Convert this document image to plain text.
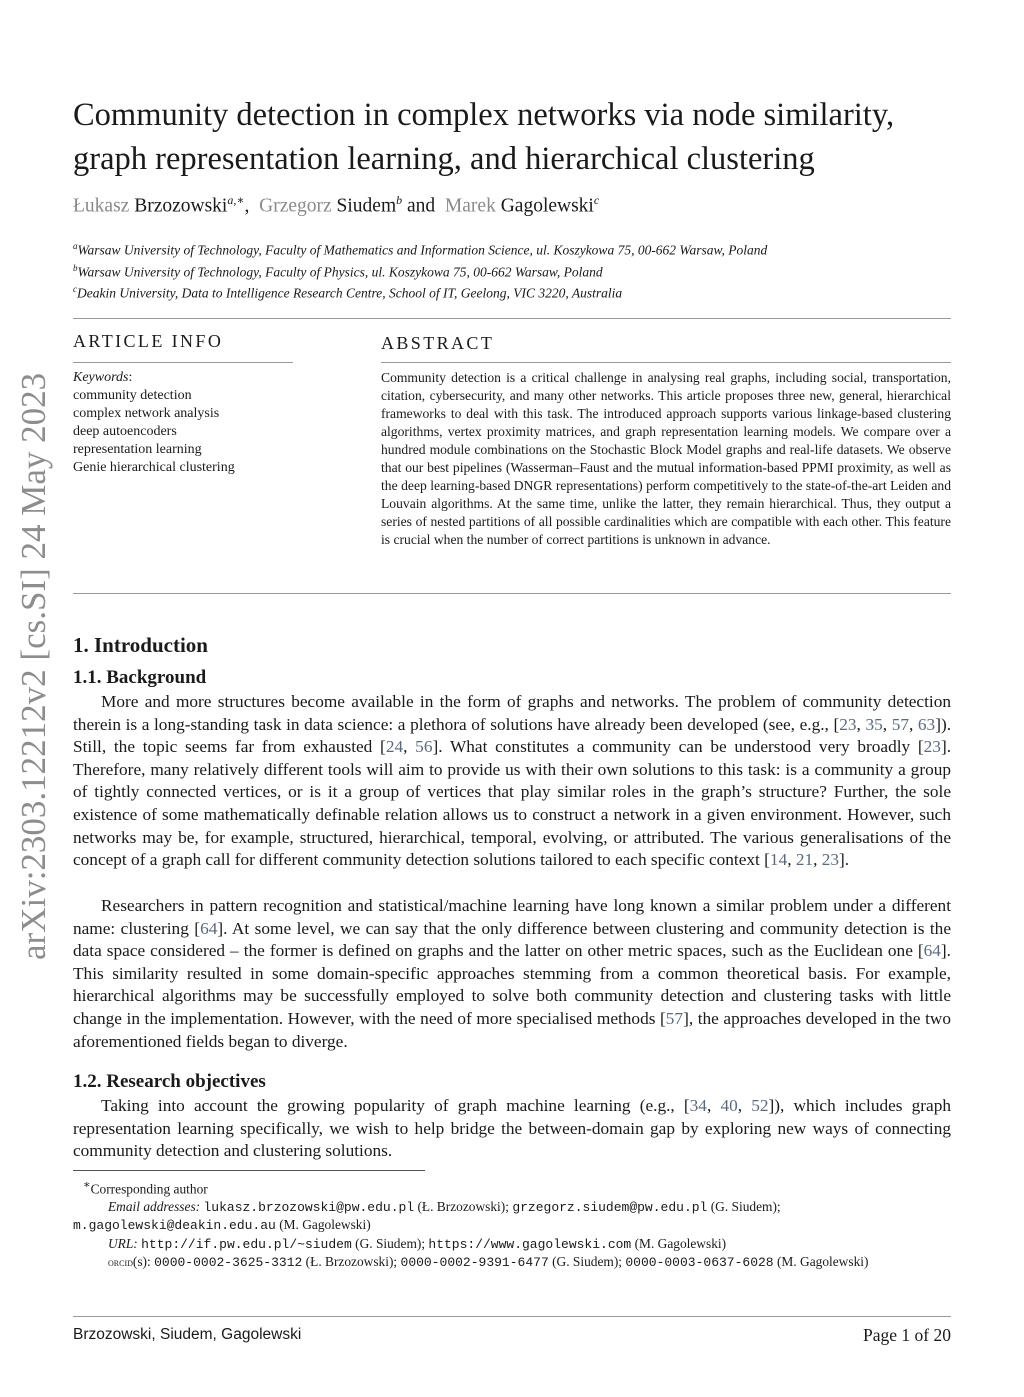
Community detection in complex networks via node similarity,
graph representation learning, and hierarchical clustering
Łukasz Brzozowski$^{a,∗}$,  Grzegorz Siudem$^b$ and  Marek Gagolewski$^c$
$^a$Warsaw University of Technology, Faculty of Mathematics and Information Science, ul. Koszykowa 75, 00-662 Warsaw, Poland
$^b$Warsaw University of Technology, Faculty of Physics, ul. Koszykowa 75, 00-662 Warsaw, Poland
$^c$Deakin University, Data to Intelligence Research Centre, School of IT, Geelong, VIC 3220, Australia
arXiv:2303.12212v2 [cs.SI] 24 May 2023
ARTICLE INFO
Keywords:
community detection
complex network analysis
deep autoencoders
representation learning
Genie hierarchical clustering
ABSTRACT
Community detection is a critical challenge in analysing real graphs, including social, transportation, citation, cybersecurity, and many other networks. This article proposes three new, general, hierarchical frameworks to deal with this task. The introduced approach supports various linkage-based clustering algorithms, vertex proximity matrices, and graph representation learning models. We compare over a hundred module combinations on the Stochastic Block Model graphs and real-life datasets. We observe that our best pipelines (Wasserman–Faust and the mutual information-based PPMI proximity, as well as the deep learning-based DNGR representations) perform competitively to the state-of-the-art Leiden and Louvain algorithms. At the same time, unlike the latter, they remain hierarchical. Thus, they output a series of nested partitions of all possible cardinalities which are compatible with each other. This feature is crucial when the number of correct partitions is unknown in advance.
1. Introduction
1.1. Background

More and more structures become available in the form of graphs and networks. The problem of community detection therein is a long-standing task in data science: a plethora of solutions have already been developed (see, e.g., [23, 35, 57, 63]). Still, the topic seems far from exhausted [24, 56]. What constitutes a community can be understood very broadly [23]. Therefore, many relatively different tools will aim to provide us with their own solutions to this task: is a community a group of tightly connected vertices, or is it a group of vertices that play similar roles in the graph’s structure? Further, the sole existence of some mathematically definable relation allows us to construct a network in a given environment. However, such networks may be, for example, structured, hierarchical, temporal, evolving, or attributed. The various generalisations of the concept of a graph call for different community detection solutions tailored to each specific context [14, 21, 23].

Researchers in pattern recognition and statistical/machine learning have long known a similar problem under a different name: clustering [64]. At some level, we can say that the only difference between clustering and community detection is the data space considered – the former is defined on graphs and the latter on other metric spaces, such as the Euclidean one [64]. This similarity resulted in some domain-specific approaches stemming from a common theoretical basis. For example, hierarchical algorithms may be successfully employed to solve both community detection and clustering tasks with little change in the implementation. However, with the need of more specialised methods [57], the approaches developed in the two aforementioned fields began to diverge.

1.2. Research objectives

Taking into account the growing popularity of graph machine learning (e.g., [34, 40, 52]), which includes graph representation learning specifically, we wish to help bridge the between-domain gap by exploring new ways of connecting community detection and clustering solutions.

∗Corresponding author
Email addresses: lukasz.brzozowski@pw.edu.pl (Ł. Brzozowski); grzegorz.siudem@pw.edu.pl (G. Siudem);
m.gagolewski@deakin.edu.au (M. Gagolewski)
URL: http://if.pw.edu.pl/~siudem (G. Siudem); https://www.gagolewski.com (M. Gagolewski)
orcid(s): 0000-0002-3625-3312 (Ł. Brzozowski); 0000-0002-9391-6477 (G. Siudem); 0000-0003-0637-6028 (M. Gagolewski)
Brzozowski, Siudem, Gagolewski	Page 1 of 20
